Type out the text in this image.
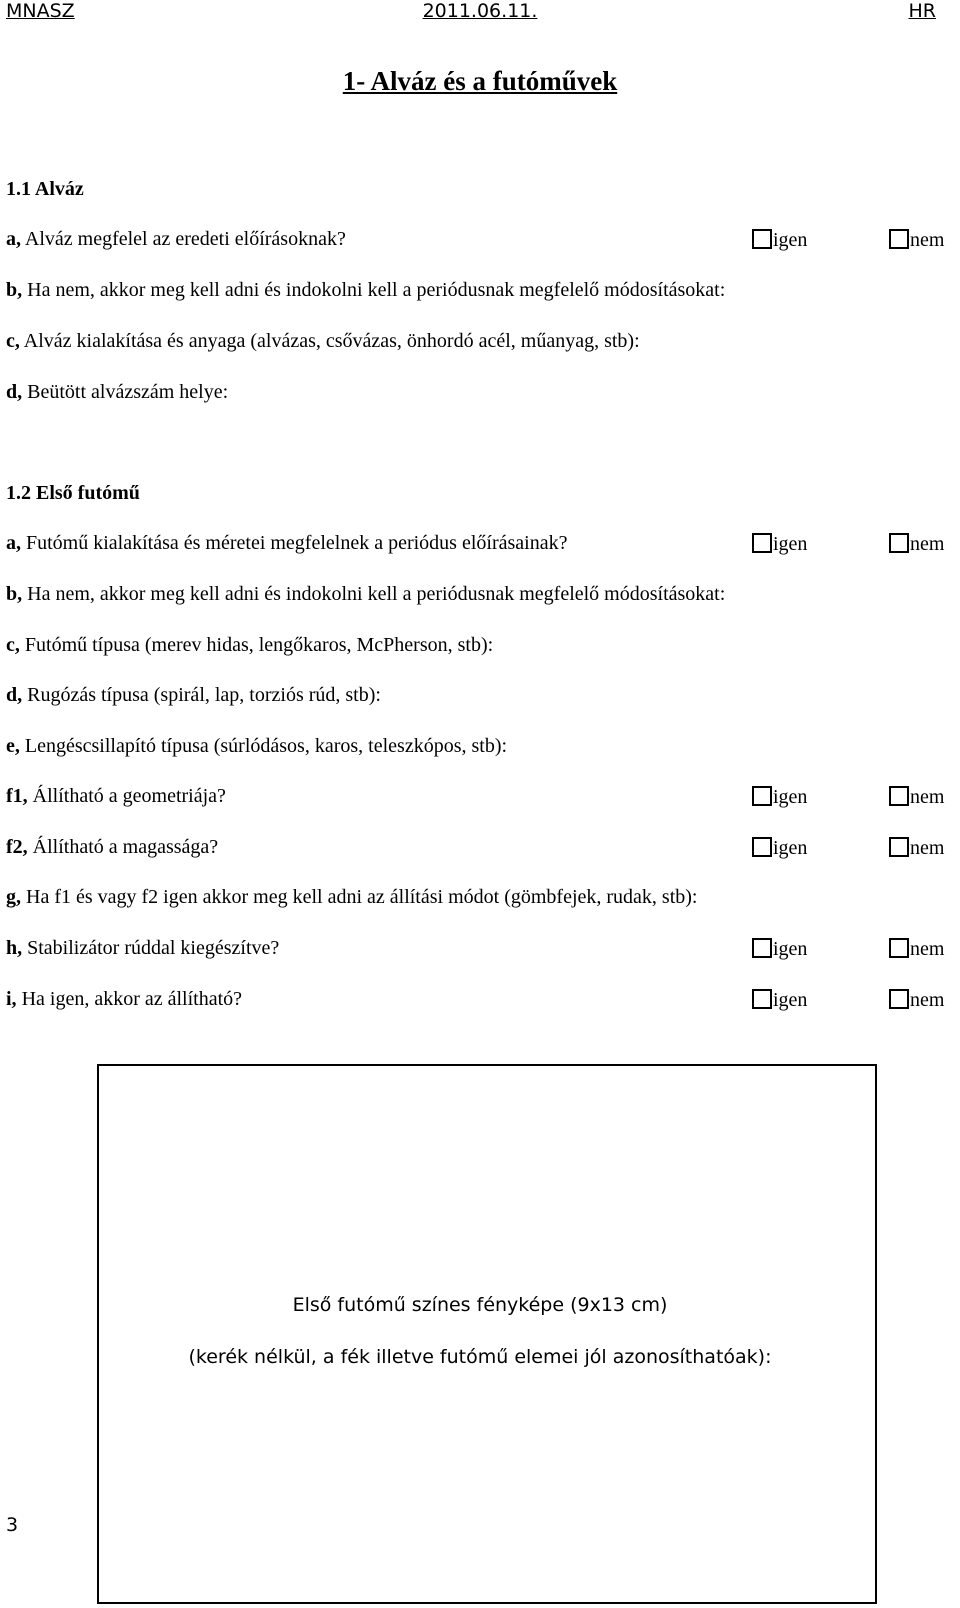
MNASZ	2011.06.11.	HR
1- Alváz és a futóművek
1.1 Alváz
a, Alváz megfelel az eredeti előírásoknak?	igen	nem
b, Ha nem, akkor meg kell adni és indokolni kell a periódusnak megfelelő módosításokat:
c, Alváz kialakítása és anyaga (alvázas, csővázas, önhordó acél, műanyag, stb):
d, Beütött alvázszám helye:
1.2 Első futómű
a, Futómű kialakítása és méretei megfelelnek a periódus előírásainak?	igen	nem
b, Ha nem, akkor meg kell adni és indokolni kell a periódusnak megfelelő módosításokat:
c, Futómű típusa (merev hidas, lengőkaros, McPherson, stb):
d, Rugózás típusa (spirál, lap, torziós rúd, stb):
e, Lengéscsillapító típusa (súrlódásos, karos, teleszkópos, stb):
f1, Állítható a geometriája?	igen	nem
f2, Állítható a magassága?	igen	nem
g, Ha f1 és vagy f2 igen akkor meg kell adni az állítási módot (gömbfejek, rudak, stb):
h, Stabilizátor rúddal kiegészítve?	igen	nem
i, Ha igen, akkor az állítható?	igen	nem
Első futómű színes fényképe (9x13 cm)
(kerék nélkül, a fék illetve futómű elemei jól azonosíthatóak):
3
